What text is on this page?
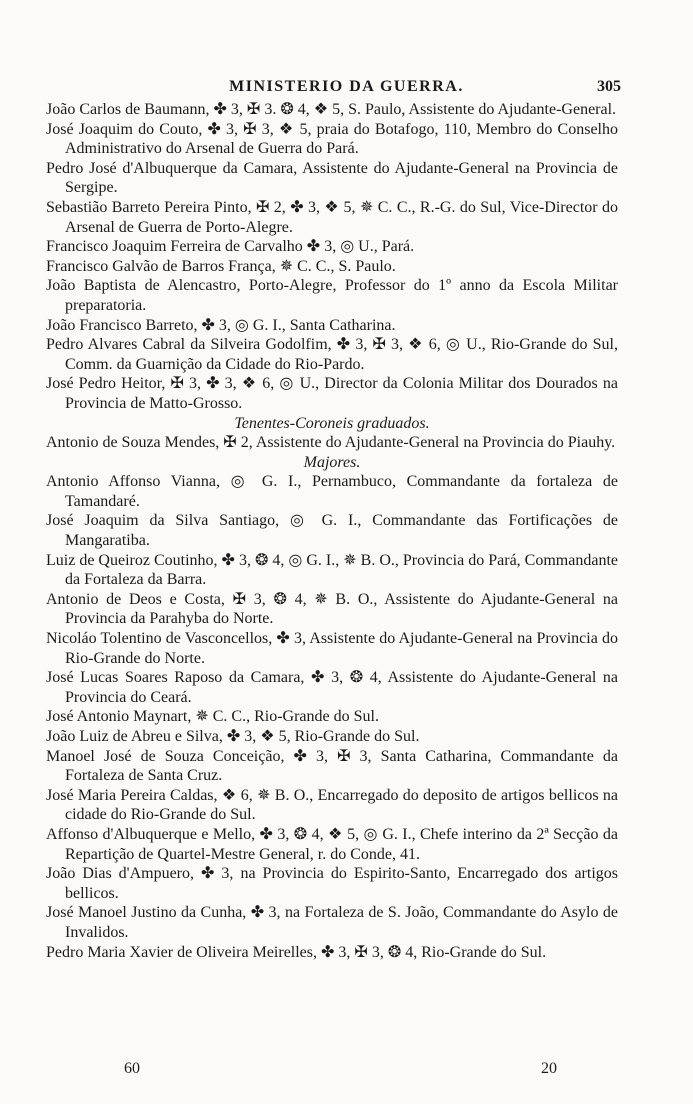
MINISTERIO DA GUERRA.	305
João Carlos de Baumann, ✤ 3, ✠ 3. ❂ 4, ❖ 5, S. Paulo, Assistente do Ajudante-General.
José Joaquim do Couto, ✤ 3, ✠ 3, ❖ 5, praia do Botafogo, 110, Membro do Conselho Administrativo do Arsenal de Guerra do Pará.
Pedro José d'Albuquerque da Camara, Assistente do Ajudante-General na Provincia de Sergipe.
Sebastião Barreto Pereira Pinto, ✠ 2, ✤ 3, ❖ 5, ✵ C. C., R.-G. do Sul, Vice-Director do Arsenal de Guerra de Porto-Alegre.
Francisco Joaquim Ferreira de Carvalho ✤ 3, ◎ U., Pará.
Francisco Galvão de Barros França, ✵ C. C., S. Paulo.
João Baptista de Alencastro, Porto-Alegre, Professor do 1º anno da Escola Militar preparatoria.
João Francisco Barreto, ✤ 3, ◎ G. I., Santa Catharina.
Pedro Alvares Cabral da Silveira Godolfim, ✤ 3, ✠ 3, ❖ 6, ◎ U., Rio-Grande do Sul, Comm. da Guarnição da Cidade do Rio-Pardo.
José Pedro Heitor, ✠ 3, ✤ 3, ❖ 6, ◎ U., Director da Colonia Militar dos Dourados na Provincia de Matto-Grosso.
Tenentes-Coroneis graduados.
Antonio de Souza Mendes, ✠ 2, Assistente do Ajudante-General na Provincia do Piauhy.
Majores.
Antonio Affonso Vianna, ◎ G. I., Pernambuco, Commandante da fortaleza de Tamandaré.
José Joaquim da Silva Santiago, ◎ G. I., Commandante das Fortificações de Mangaratiba.
Luiz de Queiroz Coutinho, ✤ 3, ❂ 4, ◎ G. I., ✵ B. O., Provincia do Pará, Commandante da Fortaleza da Barra.
Antonio de Deos e Costa, ✠ 3, ❂ 4, ✵ B. O., Assistente do Ajudante-General na Provincia da Parahyba do Norte.
Nicoláo Tolentino de Vasconcellos, ✤ 3, Assistente do Ajudante-General na Provincia do Rio-Grande do Norte.
José Lucas Soares Raposo da Camara, ✤ 3, ❂ 4, Assistente do Ajudante-General na Provincia do Ceará.
José Antonio Maynart, ✵ C. C., Rio-Grande do Sul.
João Luiz de Abreu e Silva, ✤ 3, ❖ 5, Rio-Grande do Sul.
Manoel José de Souza Conceição, ✤ 3, ✠ 3, Santa Catharina, Commandante da Fortaleza de Santa Cruz.
José Maria Pereira Caldas, ❖ 6, ✵ B. O., Encarregado do deposito de artigos bellicos na cidade do Rio-Grande do Sul.
Affonso d'Albuquerque e Mello, ✤ 3, ❂ 4, ❖ 5, ◎ G. I., Chefe interino da 2ª Secção da Repartição de Quartel-Mestre General, r. do Conde, 41.
João Dias d'Ampuero, ✤ 3, na Provincia do Espirito-Santo, Encarregado dos artigos bellicos.
José Manoel Justino da Cunha, ✤ 3, na Fortaleza de S. João, Commandante do Asylo de Invalidos.
Pedro Maria Xavier de Oliveira Meirelles, ✤ 3, ✠ 3, ❂ 4, Rio-Grande do Sul.
60	20
